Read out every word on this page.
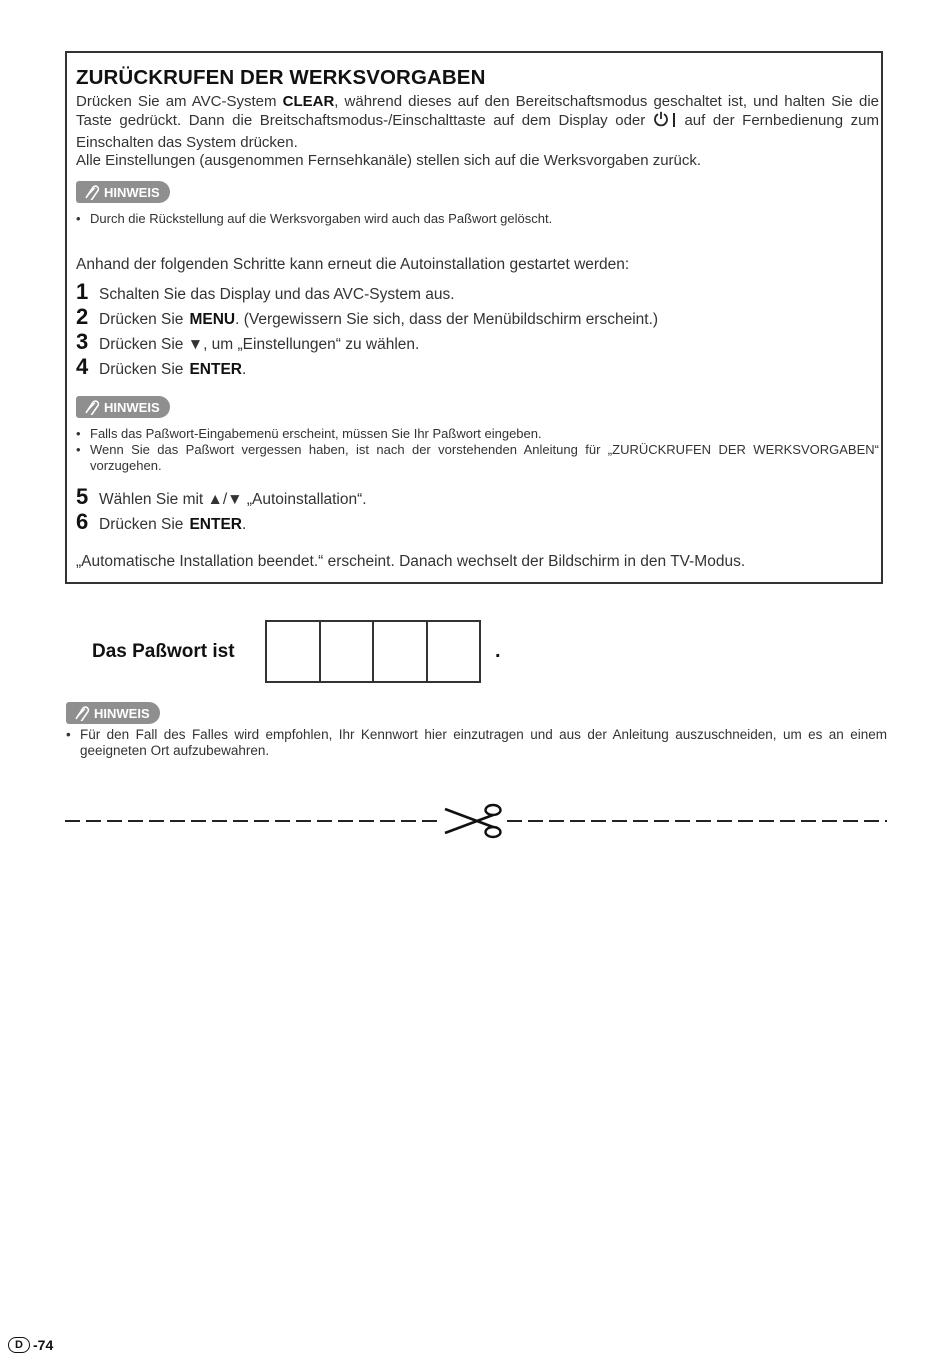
ZURÜCKRUFEN DER WERKSVORGABEN

Drücken Sie am AVC-System CLEAR, während dieses auf den Bereitschaftsmodus geschaltet ist, und halten Sie die Taste gedrückt. Dann die Breitschaftsmodus-/Einschalttaste auf dem Display oder	auf der Fernbedienung zum Einschalten das System drücken.

Alle Einstellungen (ausgenommen Fernsehkanäle) stellen sich auf die Werksvorgaben zurück.

HINWEIS
• Durch die Rückstellung auf die Werksvorgaben wird auch das Paßwort gelöscht.

Anhand der folgenden Schritte kann erneut die Autoinstallation gestartet werden:

1 Schalten Sie das Display und das AVC-System aus.
2 Drücken Sie MENU . (Vergewissern Sie sich, dass der Menübildschirm erscheint.)
3 Drücken Sie ▼, um „Einstellungen“ zu wählen.
4 Drücken Sie ENTER .
HINWEIS
• Falls das Paßwort-Eingabemenü erscheint, müssen Sie Ihr Paßwort eingeben.
• Wenn Sie das Paßwort vergessen haben, ist nach der vorstehenden Anleitung für „ZURÜCKRUFEN DER WERKSVORGABEN“ vorzugehen.
5 Wählen Sie mit ▲/▼ „Autoinstallation“.
6 Drücken Sie ENTER .

„Automatische Installation beendet.“ erscheint. Danach wechselt der Bildschirm in den TV-Modus.

Das Paßwort ist	.
HINWEIS
• Für den Fall des Falles wird empfohlen, Ihr Kennwort hier einzutragen und aus der Anleitung auszuschneiden, um es an einem geeigneten Ort aufzubewahren.
D -74
